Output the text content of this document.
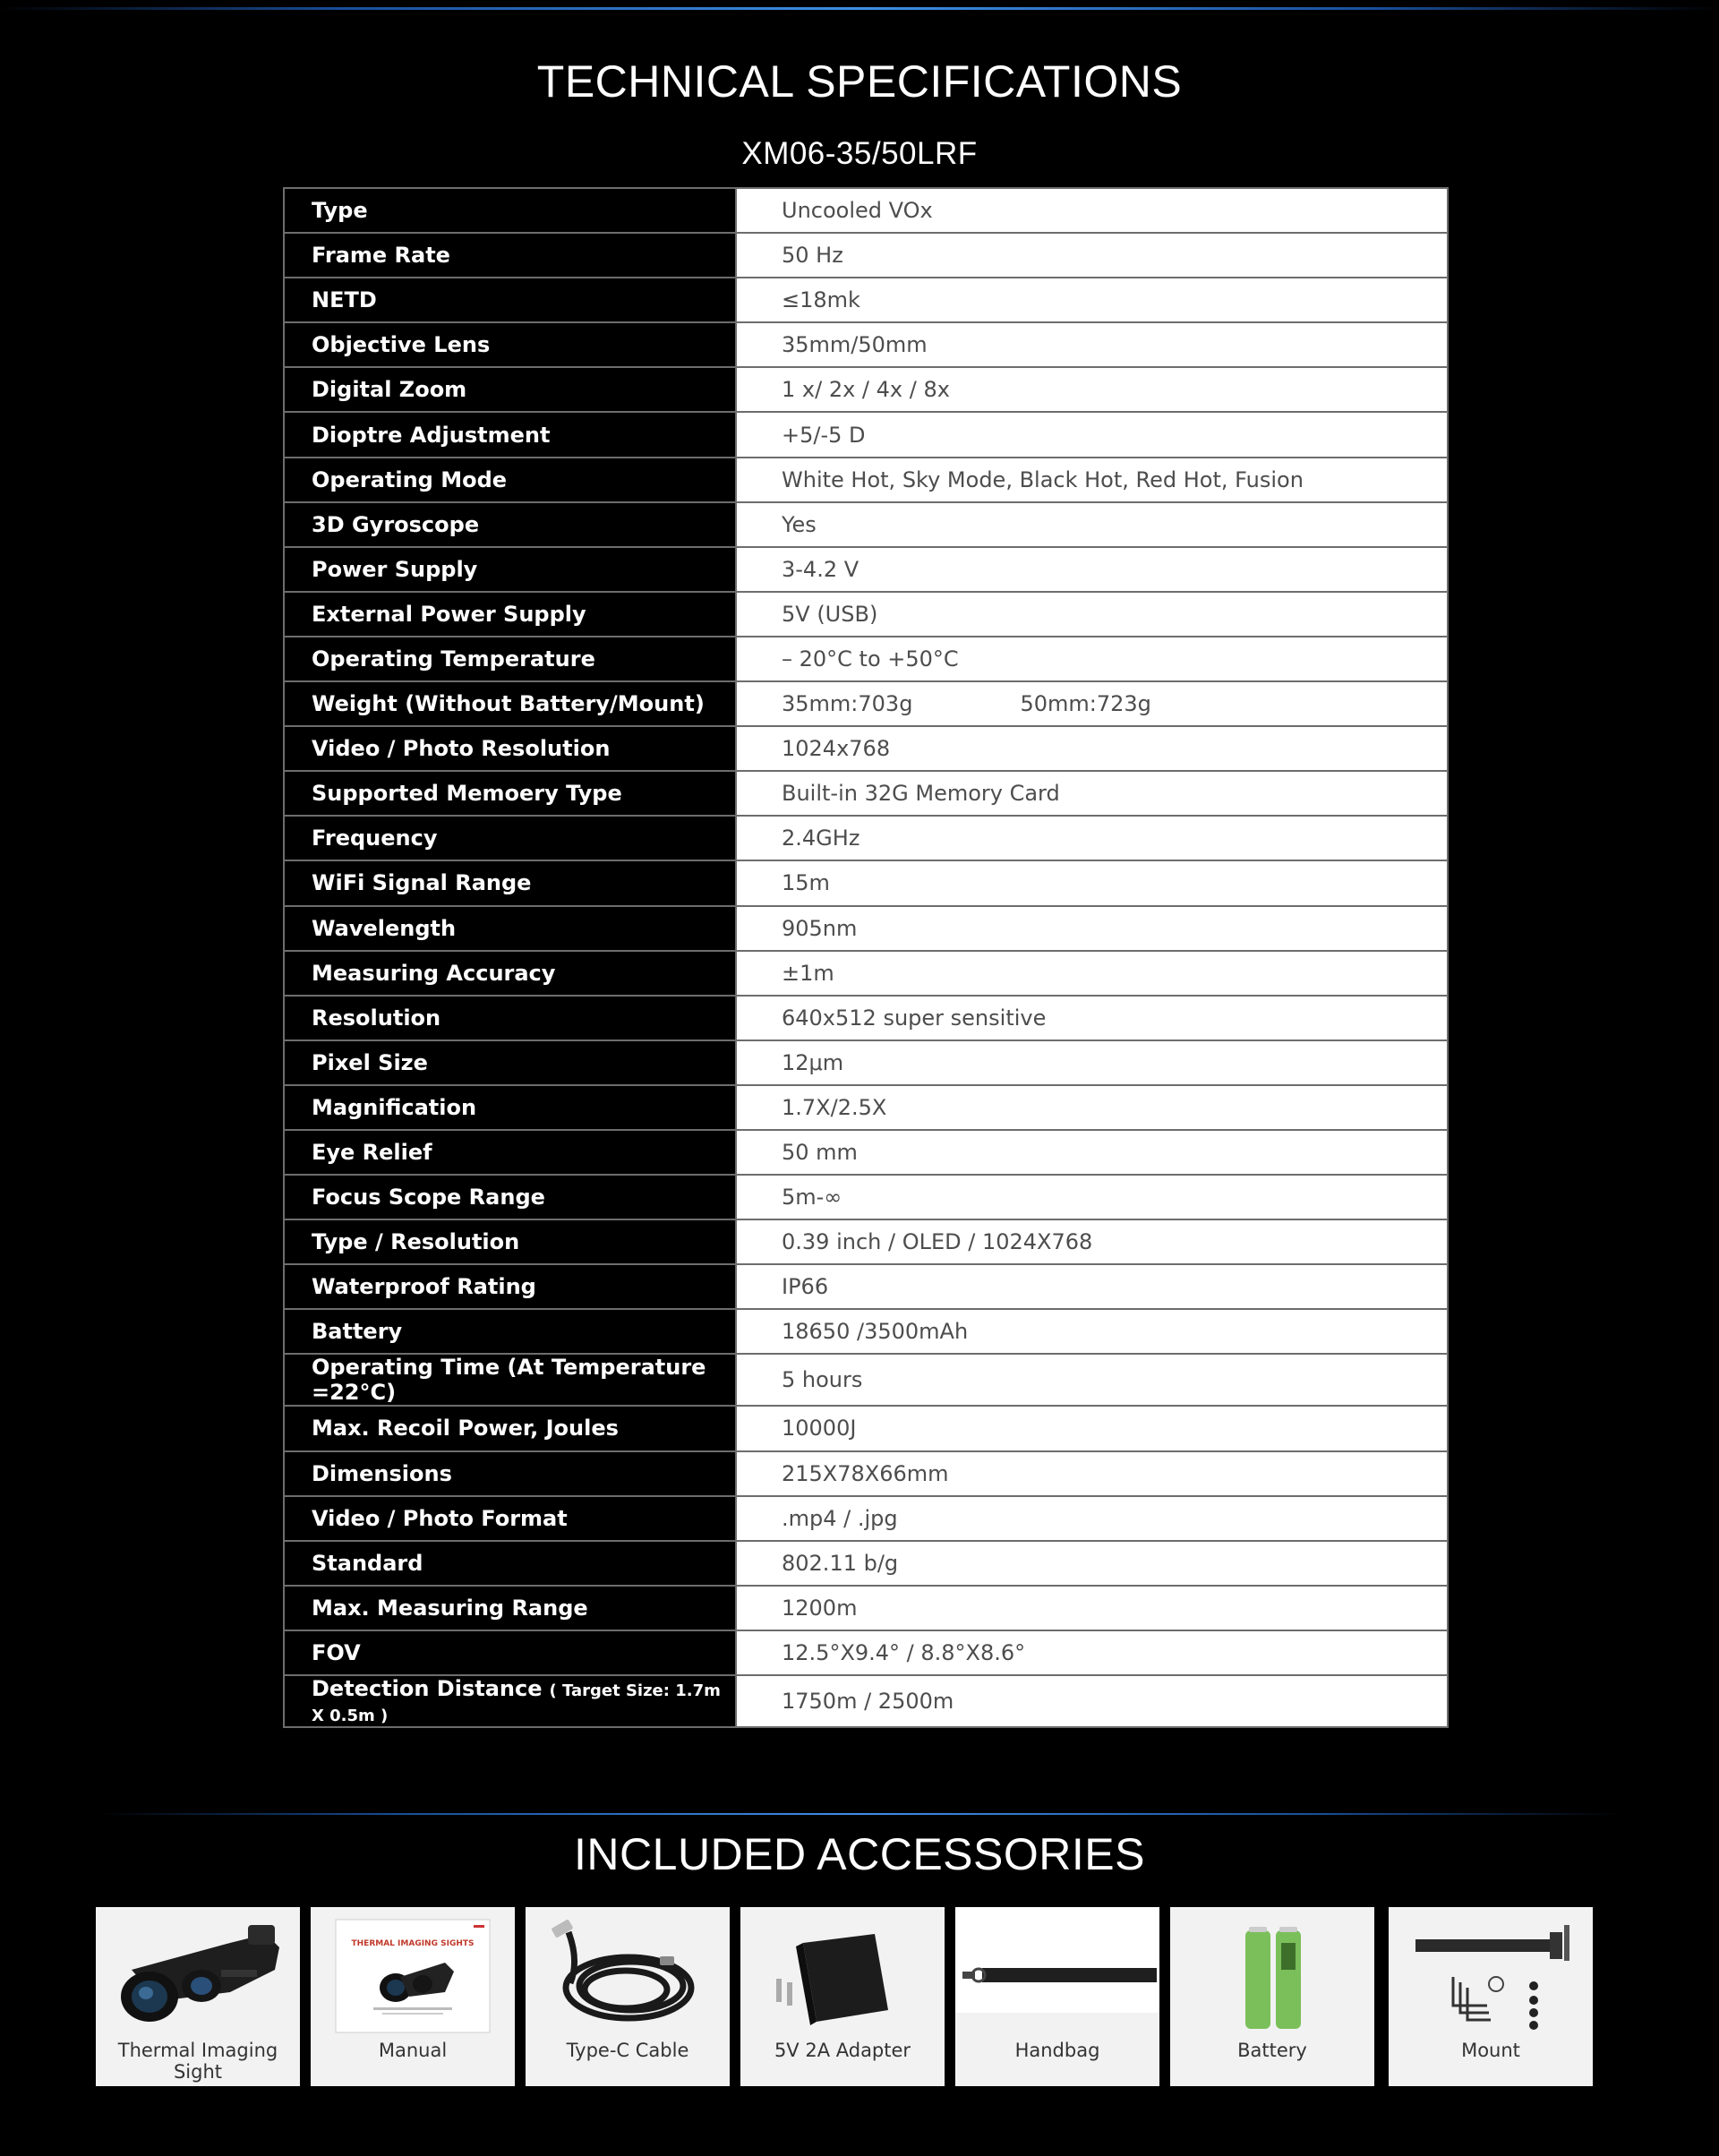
TECHNICAL SPECIFICATIONS
XM06-35/50LRF
Type	Uncooled VOx
Frame Rate	50 Hz
NETD	≤18mk
Objective Lens	35mm/50mm
Digital Zoom	1 x/ 2x / 4x / 8x
Dioptre Adjustment	+5/-5 D
Operating Mode	White Hot, Sky Mode, Black Hot, Red Hot, Fusion
3D Gyroscope	Yes
Power Supply	3-4.2 V
External Power Supply	5V (USB)
Operating Temperature	– 20°C to +50°C
Weight (Without Battery/Mount)	35mm:703g 50mm:723g
Video / Photo Resolution	1024x768
Supported Memoery Type	Built-in 32G Memory Card
Frequency	2.4GHz
WiFi Signal Range	15m
Wavelength	905nm
Measuring Accuracy	±1m
Resolution	640x512 super sensitive
Pixel Size	12μm
Magnification	1.7X/2.5X
Eye Relief	50 mm
Focus Scope Range	5m-∞
Type / Resolution	0.39 inch / OLED / 1024X768
Waterproof Rating	IP66
Battery	18650 /3500mAh
Operating Time (At Temperature =22°C)	5 hours
Max. Recoil Power, Joules	10000J
Dimensions	215X78X66mm
Video / Photo Format	.mp4 / .jpg
Standard	802.11 b/g
Max. Measuring Range	1200m
FOV	12.5°X9.4° / 8.8°X8.6°
Detection Distance ( Target Size: 1.7m X 0.5m )	1750m / 2500m
INCLUDED ACCESSORIES
Thermal Imaging Sight
THERMAL IMAGING SIGHTS
Manual	Type-C Cable	5V 2A Adapter	Handbag	Battery	Mount
